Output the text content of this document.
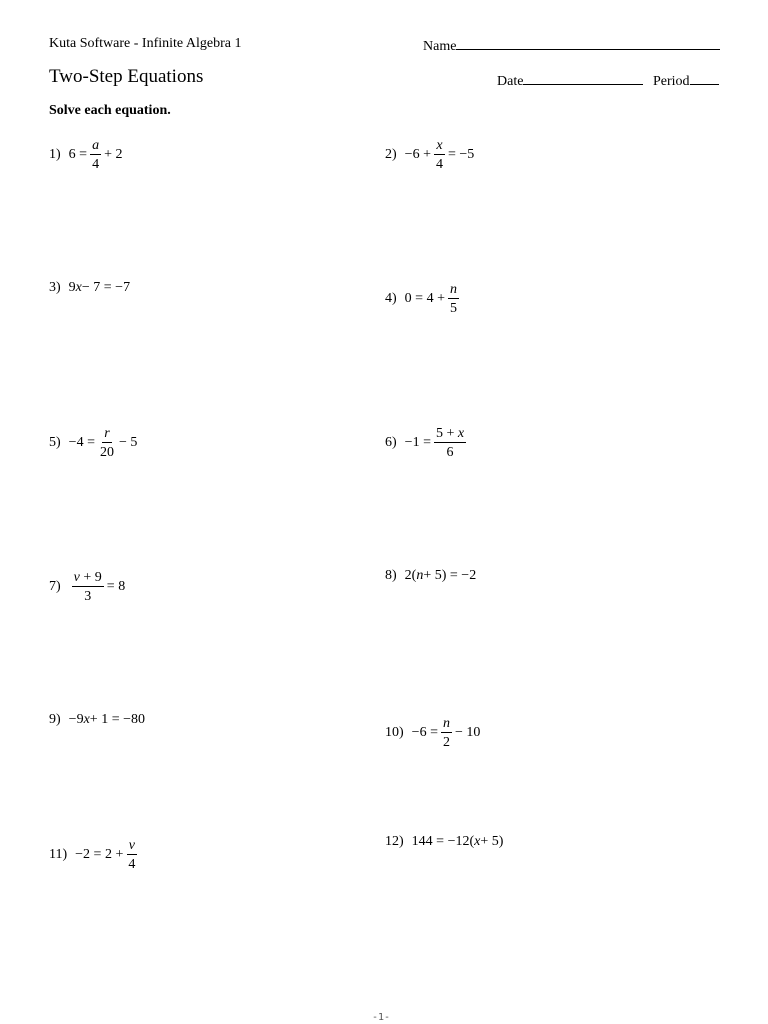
Kuta Software - Infinite Algebra 1	Name
Two-Step Equations	Date	Period
Solve each equation.
1) $6 = \frac{a}{4} + 2$	$2) -6 + \frac{x}{4} = -5$
3) 9 x − 7 = −7
4) $0 = 4 + \frac{n}{5}$
$5) -4 = \frac{r}{20} - 5$	$6) -1 = \frac{5 + x}{6}$
$7) \frac{v + 9}{3} = 8$
8) 2( n + 5) = −2
9) −9 x + 1 = −80
$10) -6 = \frac{n}{2} - 10$
$11) -2 = 2 + \frac{v}{4}$	12) 144 = −12( x + 5)
-1-
